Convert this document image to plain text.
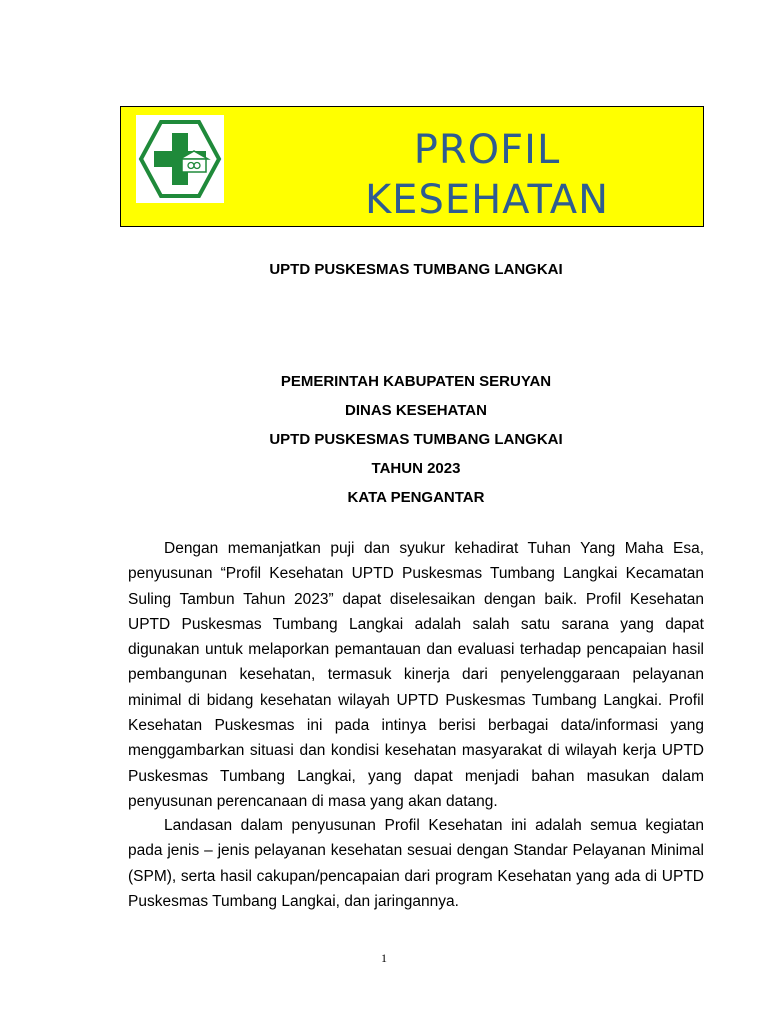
PROFIL
KESEHATAN
UPTD PUSKESMAS TUMBANG LANGKAI
PEMERINTAH KABUPATEN SERUYAN
DINAS KESEHATAN
UPTD PUSKESMAS TUMBANG LANGKAI
TAHUN 2023
KATA PENGANTAR

Dengan memanjatkan puji dan syukur kehadirat Tuhan Yang Maha Esa, penyusunan “Profil Kesehatan UPTD Puskesmas Tumbang Langkai Kecamatan Suling Tambun Tahun 2023” dapat diselesaikan dengan baik. Profil Kesehatan UPTD Puskesmas Tumbang Langkai adalah salah satu sarana yang dapat digunakan untuk melaporkan pemantauan dan evaluasi terhadap pencapaian hasil pembangunan kesehatan, termasuk kinerja dari penyelenggaraan pelayanan minimal di bidang kesehatan wilayah UPTD Puskesmas Tumbang Langkai. Profil Kesehatan Puskesmas ini pada intinya berisi berbagai data/informasi yang menggambarkan situasi dan kondisi kesehatan masyarakat di wilayah kerja UPTD Puskesmas Tumbang Langkai, yang dapat menjadi bahan masukan dalam penyusunan perencanaan di masa yang akan datang.

Landasan dalam penyusunan Profil Kesehatan ini adalah semua kegiatan pada jenis – jenis pelayanan kesehatan sesuai dengan Standar Pelayanan Minimal (SPM), serta hasil cakupan/pencapaian dari program Kesehatan yang ada di UPTD Puskesmas Tumbang Langkai, dan jaringannya.

1
